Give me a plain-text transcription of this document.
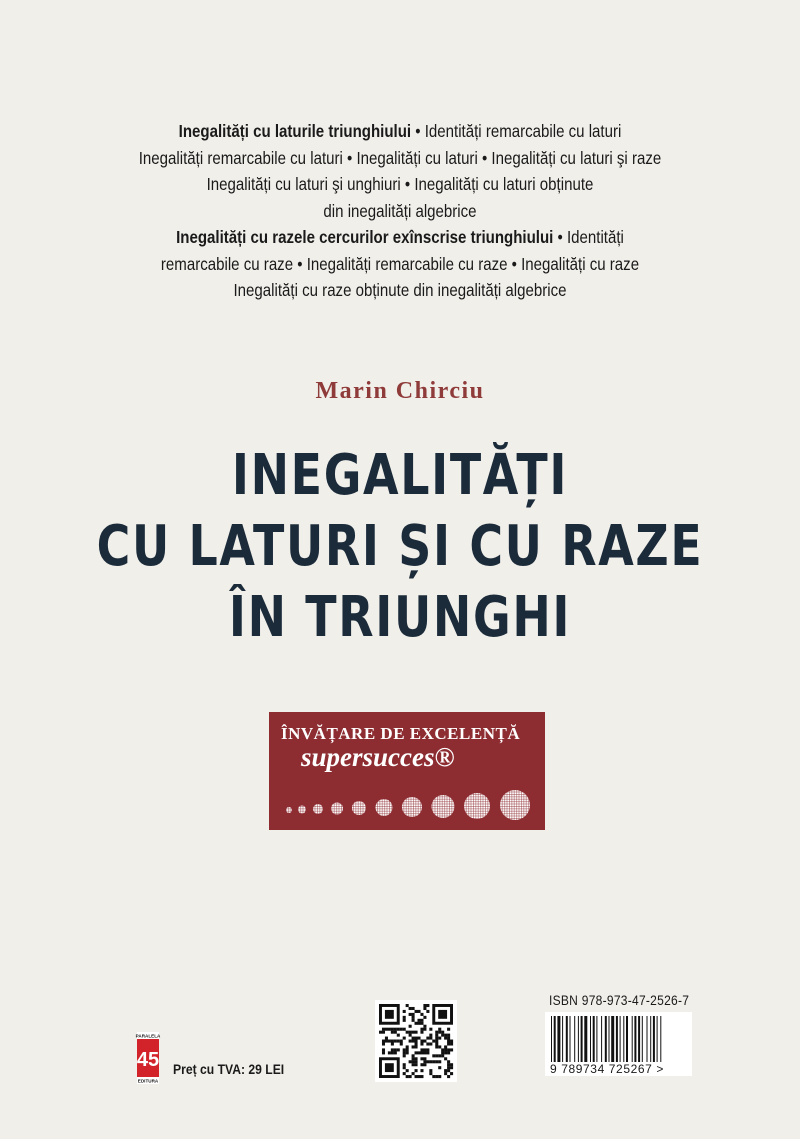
Inegalități cu laturile triunghiului • Identități remarcabile cu laturi
Inegalități remarcabile cu laturi • Inegalități cu laturi • Inegalități cu laturi şi raze
Inegalități cu laturi şi unghiuri • Inegalități cu laturi obținute
din inegalități algebrice
Inegalități cu razele cercurilor exînscrise triunghiului • Identități
remarcabile cu raze • Inegalități remarcabile cu raze • Inegalități cu raze
Inegalități cu raze obținute din inegalități algebrice
Marin Chirciu
INEGALITĂȚI
CU LATURI ȘI CU RAZE
ÎN TRIUNGHI
ÎNVĂȚARE DE EXCELENȚĂ
supersucces®
PARALELA
45
EDITURA
Preț cu TVA: 29 LEI
ISBN 978-973-47-2526-7
9 789734 725267 >
